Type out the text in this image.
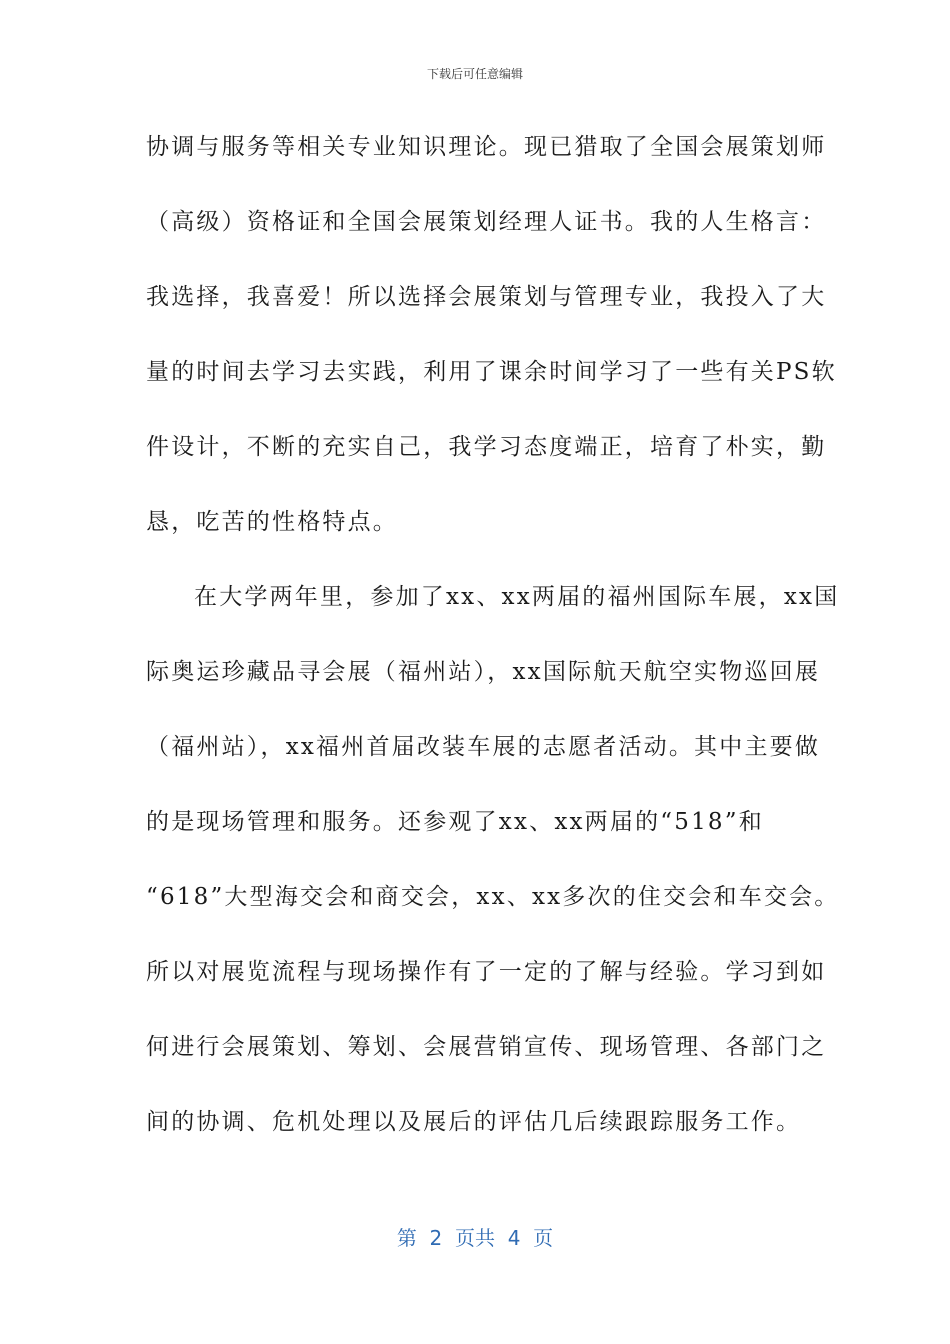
下载后可任意编辑
协调与服务等相关专业知识理论。现已猎取了全国会展策划师
（高级）资格证和全国会展策划经理人证书。我的人生格言：
我选择，我喜爱！所以选择会展策划与管理专业，我投入了大
量的时间去学习去实践，利用了课余时间学习了一些有关PS软
件设计，不断的充实自己，我学习态度端正，培育了朴实，勤
恳，吃苦的性格特点。
在大学两年里，参加了xx、xx两届的福州国际车展，xx国
际奥运珍藏品寻会展（福州站），xx国际航天航空实物巡回展
（福州站），xx福州首届改装车展的志愿者活动。其中主要做
的是现场管理和服务。还参观了xx、xx两届的“518”和
“618”大型海交会和商交会，xx、xx多次的住交会和车交会。
所以对展览流程与现场操作有了一定的了解与经验。学习到如
何进行会展策划、筹划、会展营销宣传、现场管理、各部门之
间的协调、危机处理以及展后的评估几后续跟踪服务工作。
第  2  页共  4  页
